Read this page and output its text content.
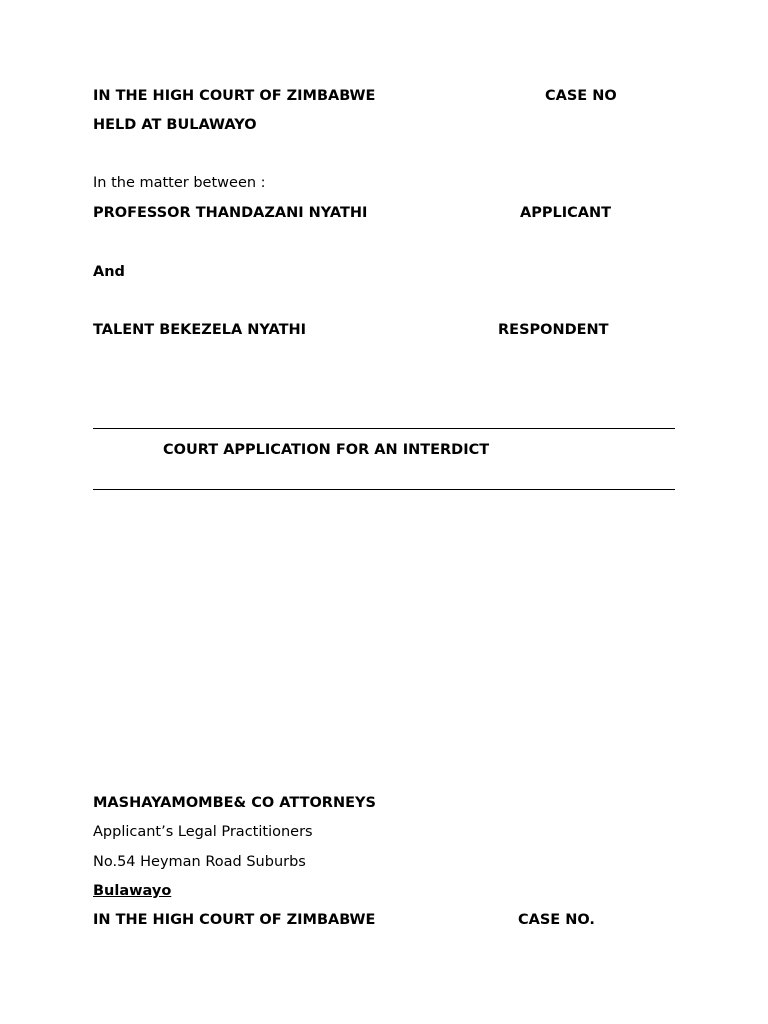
IN THE HIGH COURT OF ZIMBABWE	CASE NO
HELD AT BULAWAYO
In the matter between :
PROFESSOR THANDAZANI NYATHI	APPLICANT
And
TALENT BEKEZELA NYATHI	RESPONDENT
COURT APPLICATION FOR AN INTERDICT
MASHAYAMOMBE& CO ATTORNEYS
Applicant’s Legal Practitioners
No.54 Heyman Road Suburbs
Bulawayo
IN THE HIGH COURT OF ZIMBABWE	CASE NO.
